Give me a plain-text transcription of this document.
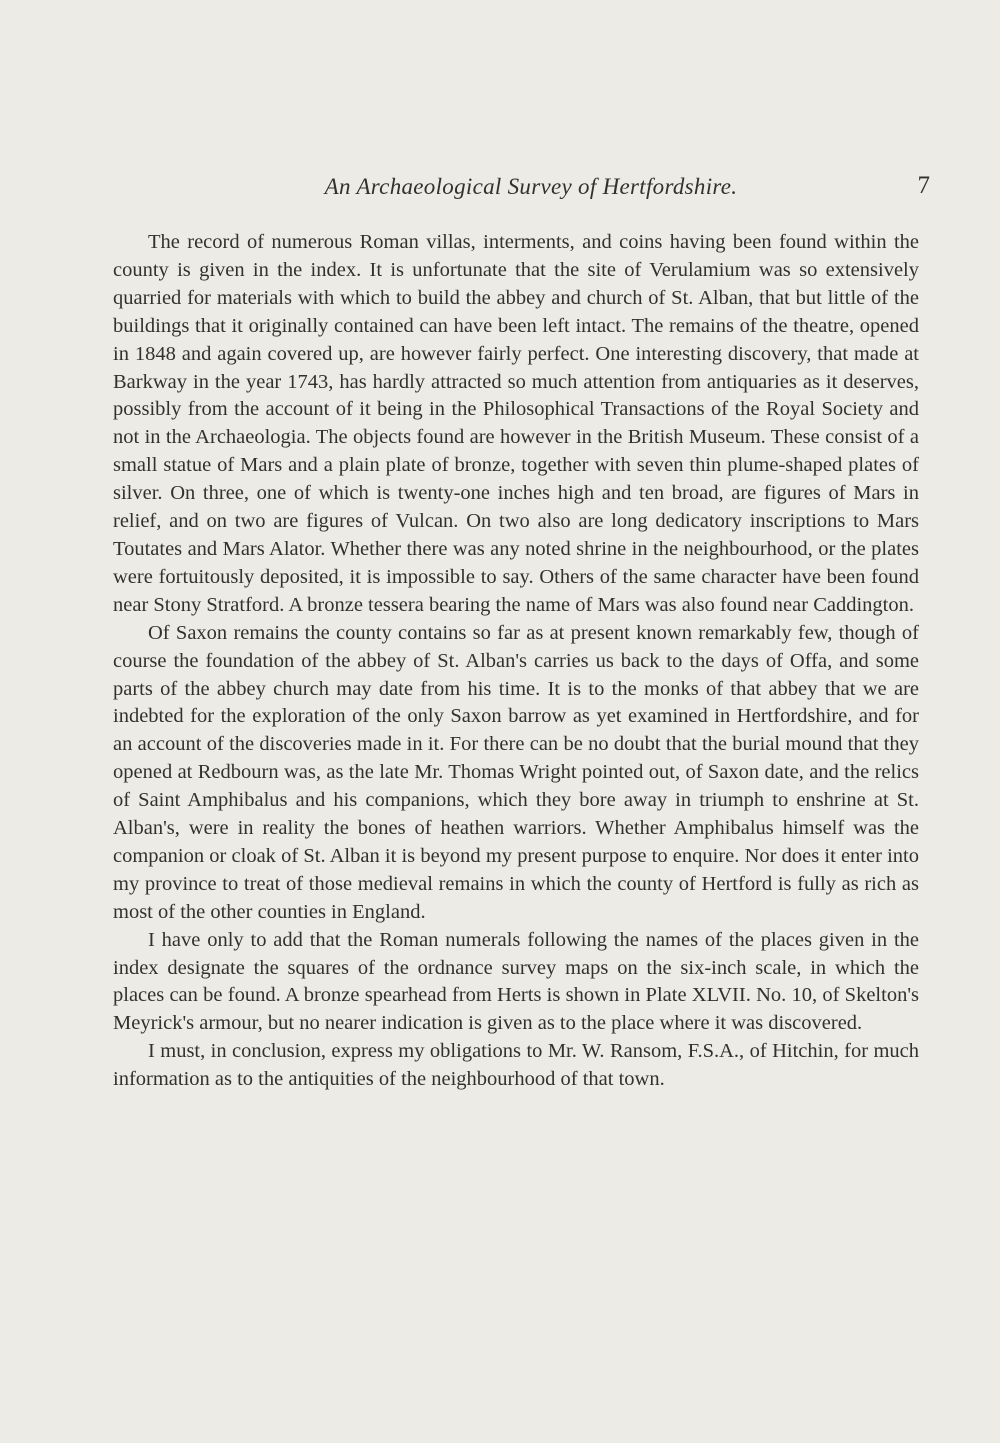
An Archaeological Survey of Hertfordshire.	7

The record of numerous Roman villas, interments, and coins having been found within the county is given in the index. It is unfortunate that the site of Verulamium was so extensively quarried for materials with which to build the abbey and church of St. Alban, that but little of the buildings that it originally contained can have been left intact. The remains of the theatre, opened in 1848 and again covered up, are however fairly perfect. One interesting discovery, that made at Barkway in the year 1743, has hardly attracted so much attention from antiquaries as it deserves, possibly from the account of it being in the Philosophical Transactions of the Royal Society and not in the Archaeologia. The objects found are however in the British Museum. These consist of a small statue of Mars and a plain plate of bronze, together with seven thin plume-shaped plates of silver. On three, one of which is twenty-one inches high and ten broad, are figures of Mars in relief, and on two are figures of Vulcan. On two also are long dedicatory inscriptions to Mars Toutates and Mars Alator. Whether there was any noted shrine in the neighbourhood, or the plates were fortuitously deposited, it is impossible to say. Others of the same character have been found near Stony Stratford. A bronze tessera bearing the name of Mars was also found near Caddington.

Of Saxon remains the county contains so far as at present known remarkably few, though of course the foundation of the abbey of St. Alban's carries us back to the days of Offa, and some parts of the abbey church may date from his time. It is to the monks of that abbey that we are indebted for the exploration of the only Saxon barrow as yet examined in Hertfordshire, and for an account of the discoveries made in it. For there can be no doubt that the burial mound that they opened at Redbourn was, as the late Mr. Thomas Wright pointed out, of Saxon date, and the relics of Saint Amphibalus and his companions, which they bore away in triumph to enshrine at St. Alban's, were in reality the bones of heathen warriors. Whether Amphibalus himself was the companion or cloak of St. Alban it is beyond my present purpose to enquire. Nor does it enter into my province to treat of those medieval remains in which the county of Hertford is fully as rich as most of the other counties in England.

I have only to add that the Roman numerals following the names of the places given in the index designate the squares of the ordnance survey maps on the six-inch scale, in which the places can be found. A bronze spearhead from Herts is shown in Plate XLVII. No. 10, of Skelton's Meyrick's armour, but no nearer indication is given as to the place where it was discovered.

I must, in conclusion, express my obligations to Mr. W. Ransom, F.S.A., of Hitchin, for much information as to the antiquities of the neighbourhood of that town.
